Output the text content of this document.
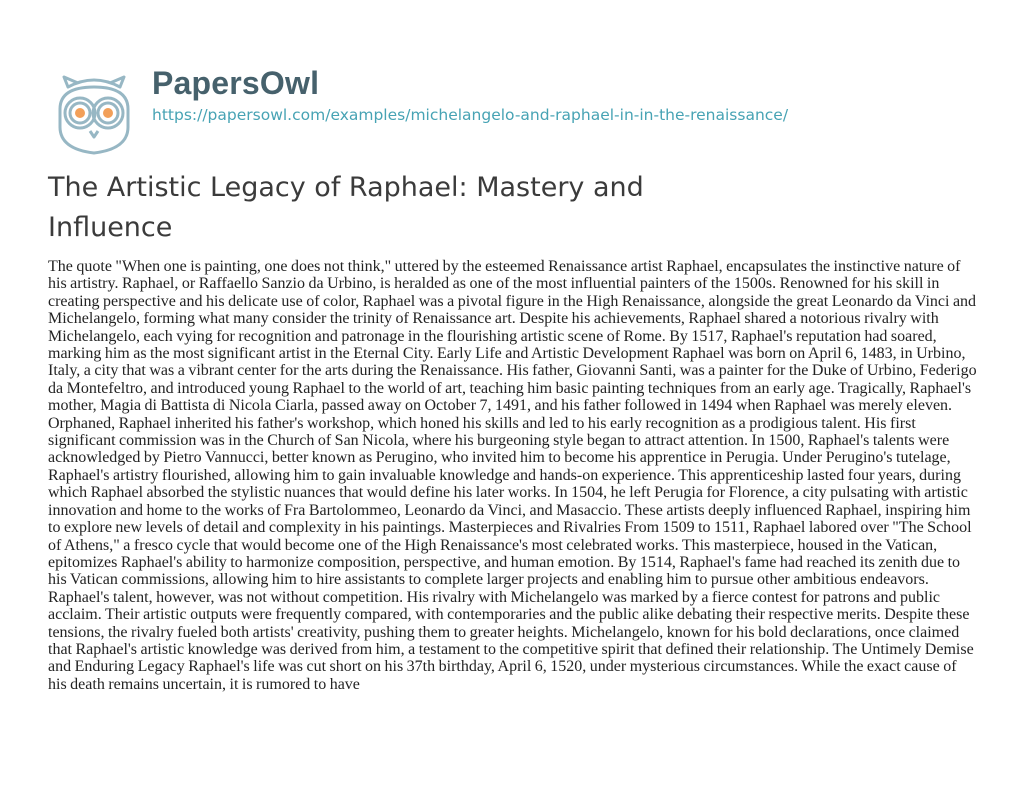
PapersOwl
https://papersowl.com/examples/michelangelo-and-raphael-in-in-the-renaissance/
The Artistic Legacy of Raphael: Mastery and Influence

The quote "When one is painting, one does not think," uttered by the esteemed Renaissance artist Raphael, encapsulates the instinctive nature of his artistry. Raphael, or Raffaello Sanzio da Urbino, is heralded as one of the most influential painters of the 1500s. Renowned for his skill in creating perspective and his delicate use of color, Raphael was a pivotal figure in the High Renaissance, alongside the great Leonardo da Vinci and Michelangelo, forming what many consider the trinity of Renaissance art. Despite his achievements, Raphael shared a notorious rivalry with Michelangelo, each vying for recognition and patronage in the flourishing artistic scene of Rome. By 1517, Raphael's reputation had soared, marking him as the most significant artist in the Eternal City. Early Life and Artistic Development Raphael was born on April 6, 1483, in Urbino, Italy, a city that was a vibrant center for the arts during the Renaissance. His father, Giovanni Santi, was a painter for the Duke of Urbino, Federigo da Montefeltro, and introduced young Raphael to the world of art, teaching him basic painting techniques from an early age. Tragically, Raphael's mother, Magia di Battista di Nicola Ciarla, passed away on October 7, 1491, and his father followed in 1494 when Raphael was merely eleven. Orphaned, Raphael inherited his father's workshop, which honed his skills and led to his early recognition as a prodigious talent. His first significant commission was in the Church of San Nicola, where his burgeoning style began to attract attention. In 1500, Raphael's talents were acknowledged by Pietro Vannucci, better known as Perugino, who invited him to become his apprentice in Perugia. Under Perugino's tutelage, Raphael's artistry flourished, allowing him to gain invaluable knowledge and hands-on experience. This apprenticeship lasted four years, during which Raphael absorbed the stylistic nuances that would define his later works. In 1504, he left Perugia for Florence, a city pulsating with artistic innovation and home to the works of Fra Bartolommeo, Leonardo da Vinci, and Masaccio. These artists deeply influenced Raphael, inspiring him to explore new levels of detail and complexity in his paintings. Masterpieces and Rivalries From 1509 to 1511, Raphael labored over "The School of Athens," a fresco cycle that would become one of the High Renaissance's most celebrated works. This masterpiece, housed in the Vatican, epitomizes Raphael's ability to harmonize composition, perspective, and human emotion. By 1514, Raphael's fame had reached its zenith due to his Vatican commissions, allowing him to hire assistants to complete larger projects and enabling him to pursue other ambitious endeavors. Raphael's talent, however, was not without competition. His rivalry with Michelangelo was marked by a fierce contest for patrons and public acclaim. Their artistic outputs were frequently compared, with contemporaries and the public alike debating their respective merits. Despite these tensions, the rivalry fueled both artists' creativity, pushing them to greater heights. Michelangelo, known for his bold declarations, once claimed that Raphael's artistic knowledge was derived from him, a testament to the competitive spirit that defined their relationship. The Untimely Demise and Enduring Legacy Raphael's life was cut short on his 37th birthday, April 6, 1520, under mysterious circumstances. While the exact cause of his death remains uncertain, it is rumored to have
